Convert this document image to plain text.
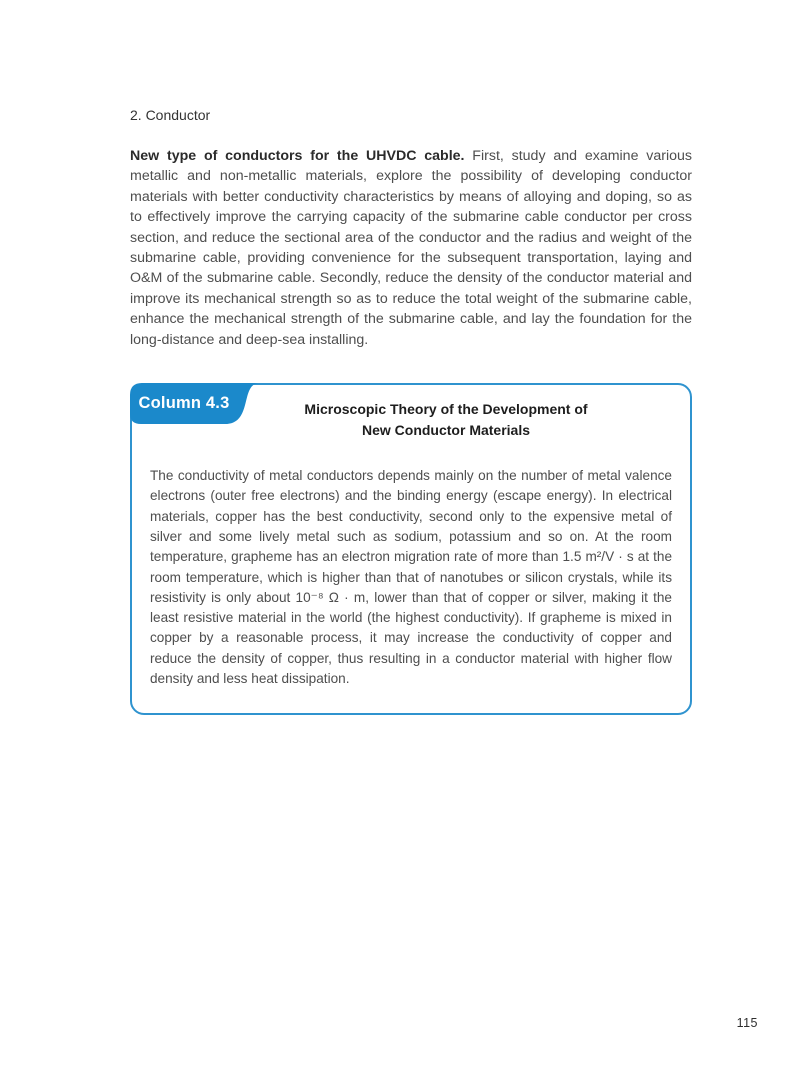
2. Conductor

New type of conductors for the UHVDC cable. First, study and examine various metallic and non-metallic materials, explore the possibility of developing conductor materials with better conductivity characteristics by means of alloying and doping, so as to effectively improve the carrying capacity of the submarine cable conductor per cross section, and reduce the sectional area of the conductor and the radius and weight of the submarine cable, providing convenience for the subsequent transportation, laying and O&M of the submarine cable. Secondly, reduce the density of the conductor material and improve its mechanical strength so as to reduce the total weight of the submarine cable, enhance the mechanical strength of the submarine cable, and lay the foundation for the long-distance and deep-sea installing.

Column 4.3	Microscopic Theory of the Development of
New Conductor Materials

The conductivity of metal conductors depends mainly on the number of metal valence electrons (outer free electrons) and the binding energy (escape energy). In electrical materials, copper has the best conductivity, second only to the expensive metal of silver and some lively metal such as sodium, potassium and so on. At the room temperature, grapheme has an electron migration rate of more than 1.5 m²/V · s at the room temperature, which is higher than that of nanotubes or silicon crystals, while its resistivity is only about 10⁻⁸ Ω · m, lower than that of copper or silver, making it the least resistive material in the world (the highest conductivity). If grapheme is mixed in copper by a reasonable process, it may increase the conductivity of copper and reduce the density of copper, thus resulting in a conductor material with higher flow density and less heat dissipation.

115
